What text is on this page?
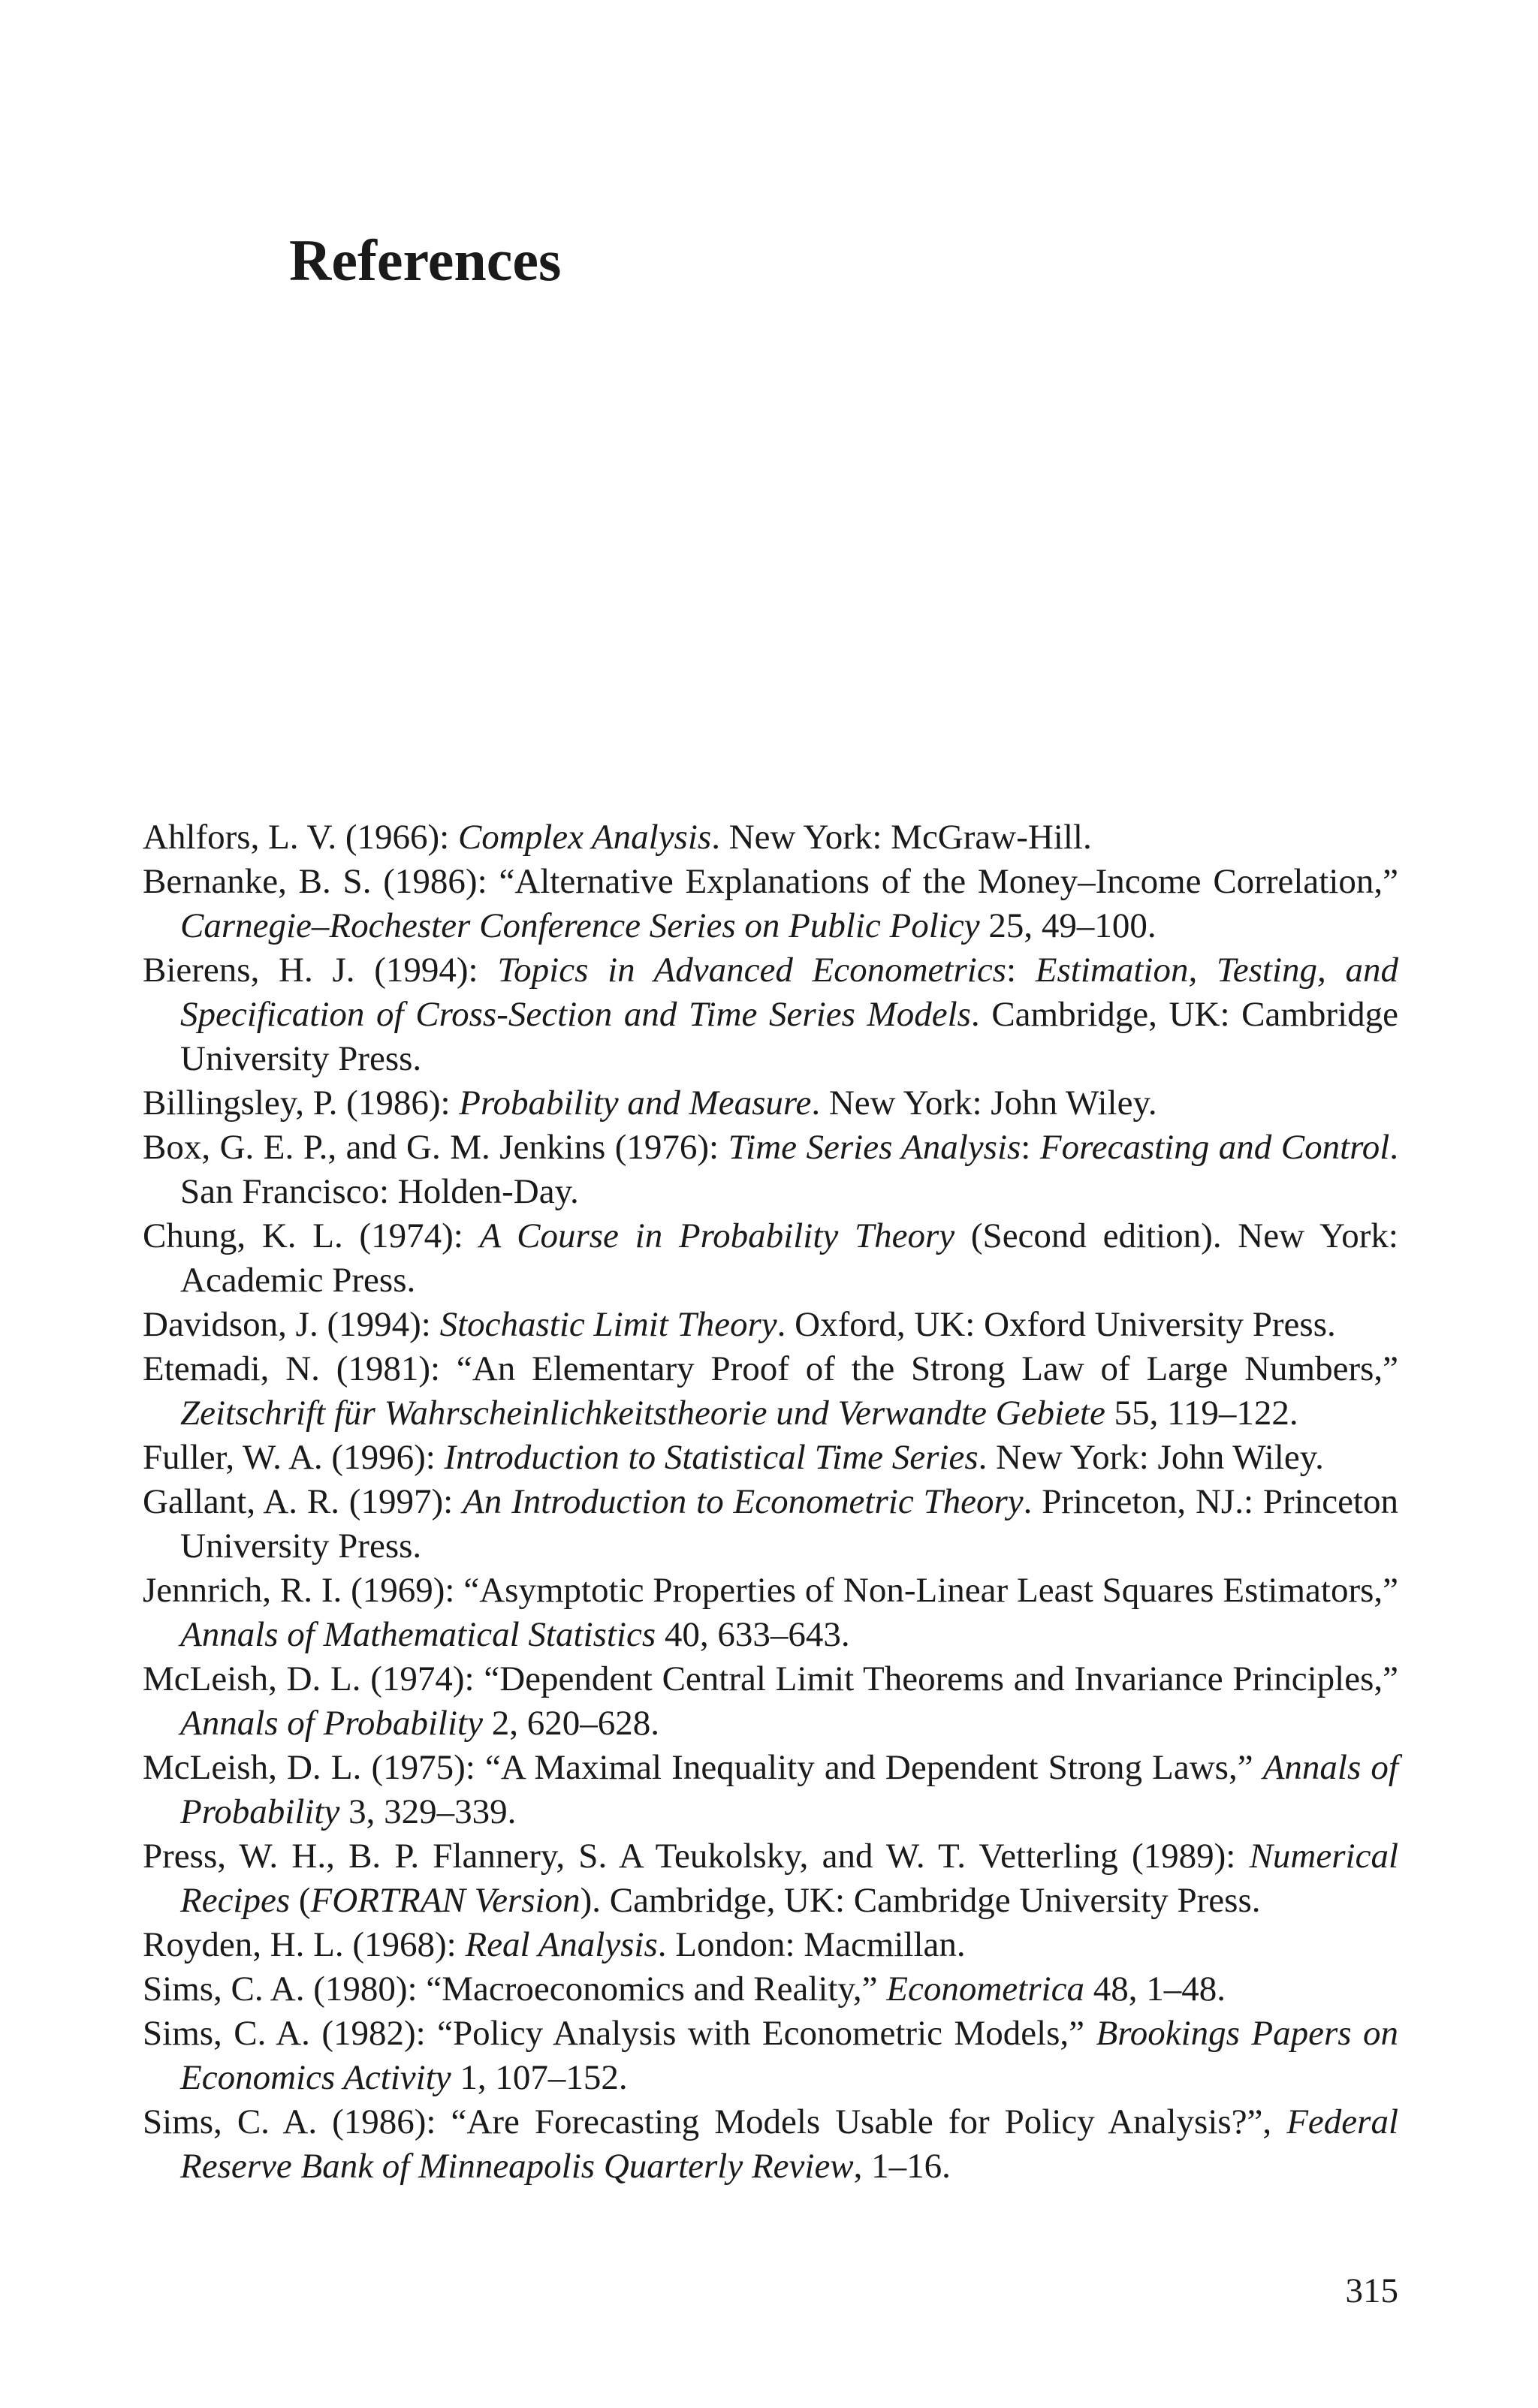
References
Ahlfors, L. V. (1966): Complex Analysis. New York: McGraw-Hill.
Bernanke, B. S. (1986): “Alternative Explanations of the Money–Income Correlation,” Carnegie–Rochester Conference Series on Public Policy 25, 49–100.
Bierens, H. J. (1994): Topics in Advanced Econometrics: Estimation, Testing, and Specification of Cross-Section and Time Series Models. Cambridge, UK: Cambridge University Press.
Billingsley, P. (1986): Probability and Measure. New York: John Wiley.
Box, G. E. P., and G. M. Jenkins (1976): Time Series Analysis: Forecasting and Control. San Francisco: Holden-Day.
Chung, K. L. (1974): A Course in Probability Theory (Second edition). New York: Academic Press.
Davidson, J. (1994): Stochastic Limit Theory. Oxford, UK: Oxford University Press.
Etemadi, N. (1981): “An Elementary Proof of the Strong Law of Large Numbers,” Zeitschrift für Wahrscheinlichkeitstheorie und Verwandte Gebiete 55, 119–122.
Fuller, W. A. (1996): Introduction to Statistical Time Series. New York: John Wiley.
Gallant, A. R. (1997): An Introduction to Econometric Theory. Princeton, NJ.: Princeton University Press.
Jennrich, R. I. (1969): “Asymptotic Properties of Non-Linear Least Squares Estimators,” Annals of Mathematical Statistics 40, 633–643.
McLeish, D. L. (1974): “Dependent Central Limit Theorems and Invariance Principles,” Annals of Probability 2, 620–628.
McLeish, D. L. (1975): “A Maximal Inequality and Dependent Strong Laws,” Annals of Probability 3, 329–339.
Press, W. H., B. P. Flannery, S. A Teukolsky, and W. T. Vetterling (1989): Numerical Recipes (FORTRAN Version). Cambridge, UK: Cambridge University Press.
Royden, H. L. (1968): Real Analysis. London: Macmillan.
Sims, C. A. (1980): “Macroeconomics and Reality,” Econometrica 48, 1–48.
Sims, C. A. (1982): “Policy Analysis with Econometric Models,” Brookings Papers on Economics Activity 1, 107–152.
Sims, C. A. (1986): “Are Forecasting Models Usable for Policy Analysis?”, Federal Reserve Bank of Minneapolis Quarterly Review, 1–16.
315
